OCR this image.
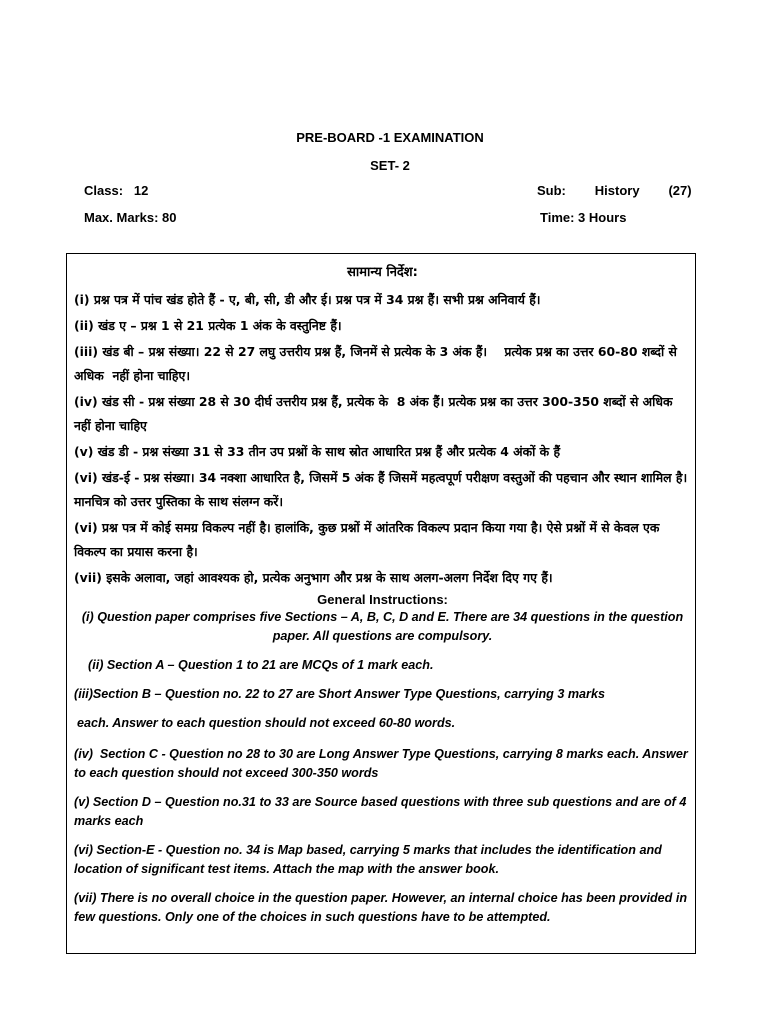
PRE-BOARD -1 EXAMINATION
SET- 2
Class:   12	Sub:        History        (27)
Max. Marks: 80	Time: 3 Hours
सामान्य निर्देश:

(i) प्रश्न पत्र में पांच खंड होते हैं - ए, बी, सी, डी और ई। प्रश्न पत्र में 34 प्रश्न हैं। सभी प्रश्न अनिवार्य हैं।

(ii) खंड ए – प्रश्न 1 से 21 प्रत्येक 1 अंक के वस्तुनिष्ट हैं।

(iii) खंड बी – प्रश्न संख्या। 22 से 27 लघु उत्तरीय प्रश्न हैं, जिनमें से प्रत्येक के 3 अंक हैं।    प्रत्येक प्रश्न का उत्तर 60-80 शब्दों से   अधिक  नहीं होना चाहिए।

(iv) खंड सी - प्रश्न संख्या 28 से 30 दीर्घ उत्तरीय प्रश्न हैं, प्रत्येक के  8 अंक हैं। प्रत्येक प्रश्न का उत्तर 300-350 शब्दों से अधिक     नहीं होना चाहिए

(v) खंड डी - प्रश्न संख्या 31 से 33 तीन उप प्रश्नों के साथ स्रोत आधारित प्रश्न हैं और प्रत्येक 4 अंकों के हैं

(vi) खंड-ई - प्रश्न संख्या। 34 नक्शा आधारित है, जिसमें 5 अंक हैं जिसमें महत्वपूर्ण परीक्षण वस्तुओं की पहचान और स्थान शामिल है।     मानचित्र को उत्तर पुस्तिका के साथ संलग्न करें।

(vi) प्रश्न पत्र में कोई समग्र विकल्प नहीं है। हालांकि, कुछ प्रश्नों में आंतरिक विकल्प प्रदान किया गया है। ऐसे प्रश्नों में से केवल एक    विकल्प का प्रयास करना है।

(vii) इसके अलावा, जहां आवश्यक हो, प्रत्येक अनुभाग और प्रश्न के साथ अलग-अलग निर्देश दिए गए हैं।

General Instructions:

(i) Question paper comprises five Sections – A, B, C, D and E. There are 34 questions in the question paper. All questions are compulsory.

(ii) Section A – Question 1 to 21 are MCQs of 1 mark each.

(iii)Section B – Question no. 22 to 27 are Short Answer Type Questions, carrying 3 marks

each. Answer to each question should not exceed 60-80 words.

(iv)  Section C - Question no 28 to 30 are Long Answer Type Questions, carrying 8 marks each. Answer to each question should not exceed 300-350 words

(v) Section D – Question no.31 to 33 are Source based questions with three sub questions and are of 4 marks each

(vi) Section-E - Question no. 34 is Map based, carrying 5 marks that includes the identification and location of significant test items. Attach the map with the answer book.

(vii) There is no overall choice in the question paper. However, an internal choice has been provided in few questions. Only one of the choices in such questions have to be attempted.
